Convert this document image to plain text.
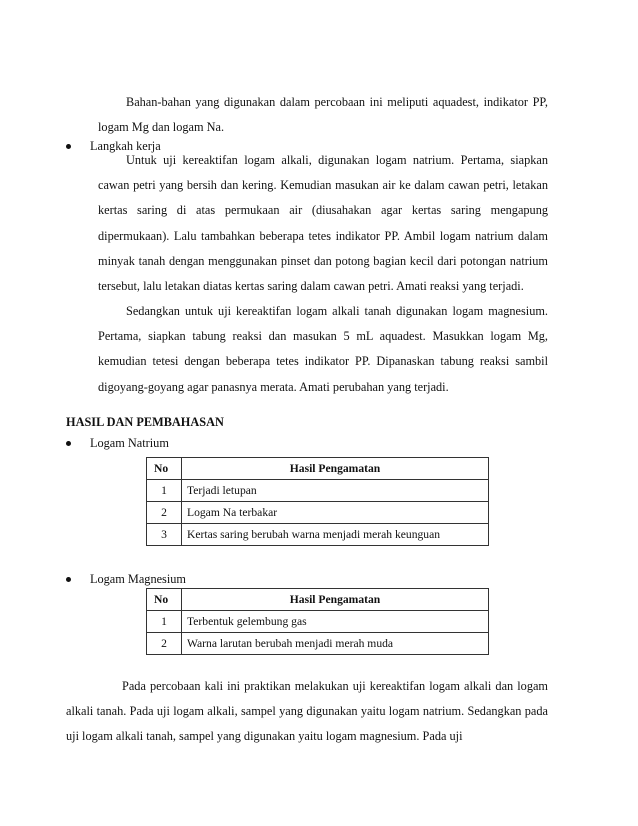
Bahan-bahan yang digunakan dalam percobaan ini meliputi aquadest, indikator PP, logam Mg dan logam Na.

Langkah kerja

Untuk uji kereaktifan logam alkali, digunakan logam natrium. Pertama, siapkan cawan petri yang bersih dan kering. Kemudian masukan air ke dalam cawan petri, letakan kertas saring di atas permukaan air (diusahakan agar kertas saring mengapung dipermukaan). Lalu tambahkan beberapa tetes indikator PP. Ambil logam natrium dalam minyak tanah dengan menggunakan pinset dan potong bagian kecil dari potongan natrium tersebut, lalu letakan diatas kertas saring dalam cawan petri. Amati reaksi yang terjadi.

Sedangkan untuk uji kereaktifan logam alkali tanah digunakan logam magnesium. Pertama, siapkan tabung reaksi dan masukan 5 mL aquadest. Masukkan logam Mg, kemudian tetesi dengan beberapa tetes indikator PP. Dipanaskan tabung reaksi sambil digoyang-goyang agar panasnya merata. Amati perubahan yang terjadi.

HASIL DAN PEMBAHASAN

Logam Natrium

No	Hasil Pengamatan
1	Terjadi letupan
2	Logam Na terbakar
3	Kertas saring berubah warna menjadi merah keunguan

Logam Magnesium

No	Hasil Pengamatan
1	Terbentuk gelembung gas
2	Warna larutan berubah menjadi merah muda

Pada percobaan kali ini praktikan melakukan uji kereaktifan logam alkali dan logam alkali tanah. Pada uji logam alkali, sampel yang digunakan yaitu logam natrium. Sedangkan pada uji logam alkali tanah, sampel yang digunakan yaitu logam magnesium. Pada uji
